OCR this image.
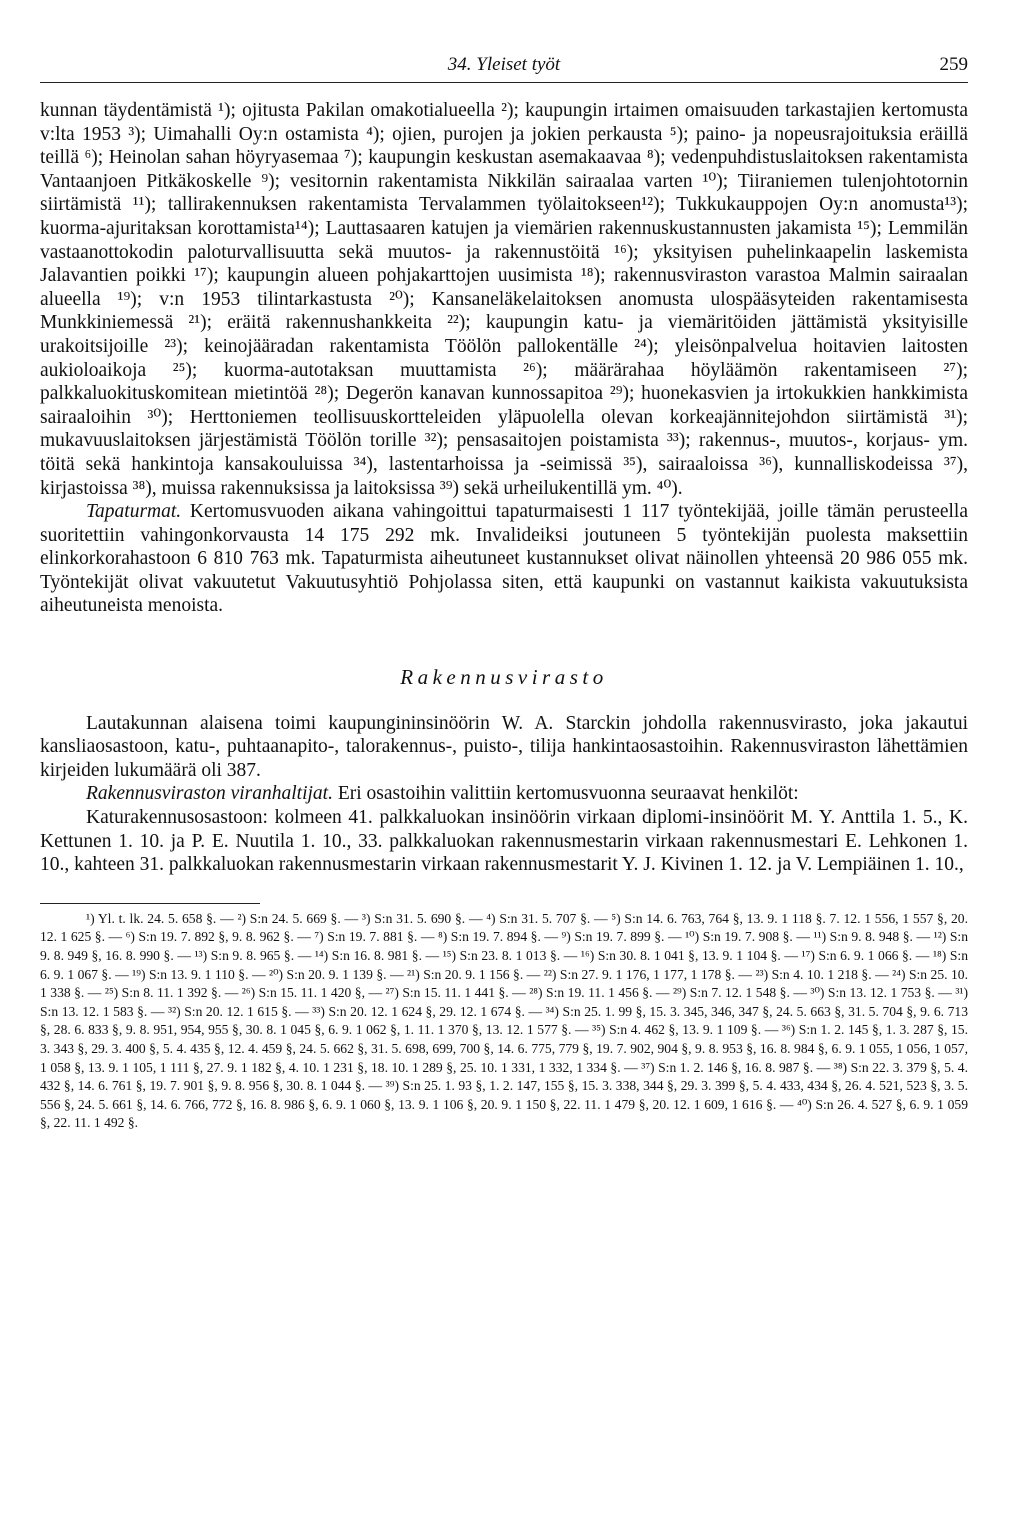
34. Yleiset työt	259

kunnan täydentämistä ¹); ojitusta Pakilan omakotialueella ²); kaupungin irtaimen omaisuuden tarkastajien kertomusta v:lta 1953 ³); Uimahalli Oy:n ostamista ⁴); ojien, purojen ja jokien perkausta ⁵); paino- ja nopeusrajoituksia eräillä teillä ⁶); Heinolan sahan höyryasemaa ⁷); kaupungin keskustan asemakaavaa ⁸); vedenpuhdistuslaitoksen rakentamista Vantaanjoen Pitkäkoskelle ⁹); vesitornin rakentamista Nikkilän sairaalaa varten ¹⁰); Tiiraniemen tulenjohtotornin siirtämistä ¹¹); tallirakennuksen rakentamista Tervalammen työlaitokseen¹²); Tukkukauppojen Oy:n anomusta¹³); kuorma-ajuritaksan korottamista¹⁴); Lauttasaaren katujen ja viemärien rakennuskustannusten jakamista ¹⁵); Lemmilän vastaanottokodin paloturvallisuutta sekä muutos- ja rakennustöitä ¹⁶); yksityisen puhelinkaapelin laskemista Jalavantien poikki ¹⁷); kaupungin alueen pohjakarttojen uusimista ¹⁸); rakennusviraston varastoa Malmin sairaalan alueella ¹⁹); v:n 1953 tilintarkastusta ²⁰); Kansaneläkelaitoksen anomusta ulospääsyteiden rakentamisesta Munkkiniemessä ²¹); eräitä rakennushankkeita ²²); kaupungin katu- ja viemäritöiden jättämistä yksityisille urakoitsijoille ²³); keinojääradan rakentamista Töölön pallokentälle ²⁴); yleisönpalvelua hoitavien laitosten aukioloaikoja ²⁵); kuorma-autotaksan muuttamista ²⁶); määrärahaa höyläämön rakentamiseen ²⁷); palkkaluokituskomitean mietintöä ²⁸); Degerön kanavan kunnossapitoa ²⁹); huonekasvien ja irtokukkien hankkimista sairaaloihin ³⁰); Herttoniemen teollisuuskortteleiden yläpuolella olevan korkeajännitejohdon siirtämistä ³¹); mukavuuslaitoksen järjestämistä Töölön torille ³²); pensasaitojen poistamista ³³); rakennus-, muutos-, korjaus- ym. töitä sekä hankintoja kansakouluissa ³⁴), lastentarhoissa ja -seimissä ³⁵), sairaaloissa ³⁶), kunnalliskodeissa ³⁷), kirjastoissa ³⁸), muissa rakennuksissa ja laitoksissa ³⁹) sekä urheilukentillä ym. ⁴⁰).

Tapaturmat. Kertomusvuoden aikana vahingoittui tapaturmaisesti 1 117 työntekijää, joille tämän perusteella suoritettiin vahingonkorvausta 14 175 292 mk. Invalideiksi joutuneen 5 työntekijän puolesta maksettiin elinkorkorahastoon 6 810 763 mk. Tapaturmista aiheutuneet kustannukset olivat näinollen yhteensä 20 986 055 mk. Työntekijät olivat vakuutetut Vakuutusyhtiö Pohjolassa siten, että kaupunki on vastannut kaikista vakuutuksista aiheutuneista menoista.

Rakennusvirasto

Lautakunnan alaisena toimi kaupungininsinöörin W. A. Starckin johdolla rakennusvirasto, joka jakautui kansliaosastoon, katu-, puhtaanapito-, talorakennus-, puisto-, tilija hankintaosastoihin. Rakennusviraston lähettämien kirjeiden lukumäärä oli 387.

Rakennusviraston viranhaltijat. Eri osastoihin valittiin kertomusvuonna seuraavat henkilöt:

Katurakennusosastoon: kolmeen 41. palkkaluokan insinöörin virkaan diplomi-insinöörit M. Y. Anttila 1. 5., K. Kettunen 1. 10. ja P. E. Nuutila 1. 10., 33. palkkaluokan rakennusmestarin virkaan rakennusmestari E. Lehkonen 1. 10., kahteen 31. palkkaluokan rakennusmestarin virkaan rakennusmestarit Y. J. Kivinen 1. 12. ja V. Lempiäinen 1. 10.,

¹) Yl. t. lk. 24. 5. 658 §. — ²) S:n 24. 5. 669 §. — ³) S:n 31. 5. 690 §. — ⁴) S:n 31. 5. 707 §. — ⁵) S:n 14. 6. 763, 764 §, 13. 9. 1 118 §. 7. 12. 1 556, 1 557 §, 20. 12. 1 625 §. — ⁶) S:n 19. 7. 892 §, 9. 8. 962 §. — ⁷) S:n 19. 7. 881 §. — ⁸) S:n 19. 7. 894 §. — ⁹) S:n 19. 7. 899 §. — ¹⁰) S:n 19. 7. 908 §. — ¹¹) S:n 9. 8. 948 §. — ¹²) S:n 9. 8. 949 §, 16. 8. 990 §. — ¹³) S:n 9. 8. 965 §. — ¹⁴) S:n 16. 8. 981 §. — ¹⁵) S:n 23. 8. 1 013 §. — ¹⁶) S:n 30. 8. 1 041 §, 13. 9. 1 104 §. — ¹⁷) S:n 6. 9. 1 066 §. — ¹⁸) S:n 6. 9. 1 067 §. — ¹⁹) S:n 13. 9. 1 110 §. — ²⁰) S:n 20. 9. 1 139 §. — ²¹) S:n 20. 9. 1 156 §. — ²²) S:n 27. 9. 1 176, 1 177, 1 178 §. — ²³) S:n 4. 10. 1 218 §. — ²⁴) S:n 25. 10. 1 338 §. — ²⁵) S:n 8. 11. 1 392 §. — ²⁶) S:n 15. 11. 1 420 §, — ²⁷) S:n 15. 11. 1 441 §. — ²⁸) S:n 19. 11. 1 456 §. — ²⁹) S:n 7. 12. 1 548 §. — ³⁰) S:n 13. 12. 1 753 §. — ³¹) S:n 13. 12. 1 583 §. — ³²) S:n 20. 12. 1 615 §. — ³³) S:n 20. 12. 1 624 §, 29. 12. 1 674 §. — ³⁴) S:n 25. 1. 99 §, 15. 3. 345, 346, 347 §, 24. 5. 663 §, 31. 5. 704 §, 9. 6. 713 §, 28. 6. 833 §, 9. 8. 951, 954, 955 §, 30. 8. 1 045 §, 6. 9. 1 062 §, 1. 11. 1 370 §, 13. 12. 1 577 §. — ³⁵) S:n 4. 462 §, 13. 9. 1 109 §. — ³⁶) S:n 1. 2. 145 §, 1. 3. 287 §, 15. 3. 343 §, 29. 3. 400 §, 5. 4. 435 §, 12. 4. 459 §, 24. 5. 662 §, 31. 5. 698, 699, 700 §, 14. 6. 775, 779 §, 19. 7. 902, 904 §, 9. 8. 953 §, 16. 8. 984 §, 6. 9. 1 055, 1 056, 1 057, 1 058 §, 13. 9. 1 105, 1 111 §, 27. 9. 1 182 §, 4. 10. 1 231 §, 18. 10. 1 289 §, 25. 10. 1 331, 1 332, 1 334 §. — ³⁷) S:n 1. 2. 146 §, 16. 8. 987 §. — ³⁸) S:n 22. 3. 379 §, 5. 4. 432 §, 14. 6. 761 §, 19. 7. 901 §, 9. 8. 956 §, 30. 8. 1 044 §. — ³⁹) S:n 25. 1. 93 §, 1. 2. 147, 155 §, 15. 3. 338, 344 §, 29. 3. 399 §, 5. 4. 433, 434 §, 26. 4. 521, 523 §, 3. 5. 556 §, 24. 5. 661 §, 14. 6. 766, 772 §, 16. 8. 986 §, 6. 9. 1 060 §, 13. 9. 1 106 §, 20. 9. 1 150 §, 22. 11. 1 479 §, 20. 12. 1 609, 1 616 §. — ⁴⁰) S:n 26. 4. 527 §, 6. 9. 1 059 §, 22. 11. 1 492 §.
